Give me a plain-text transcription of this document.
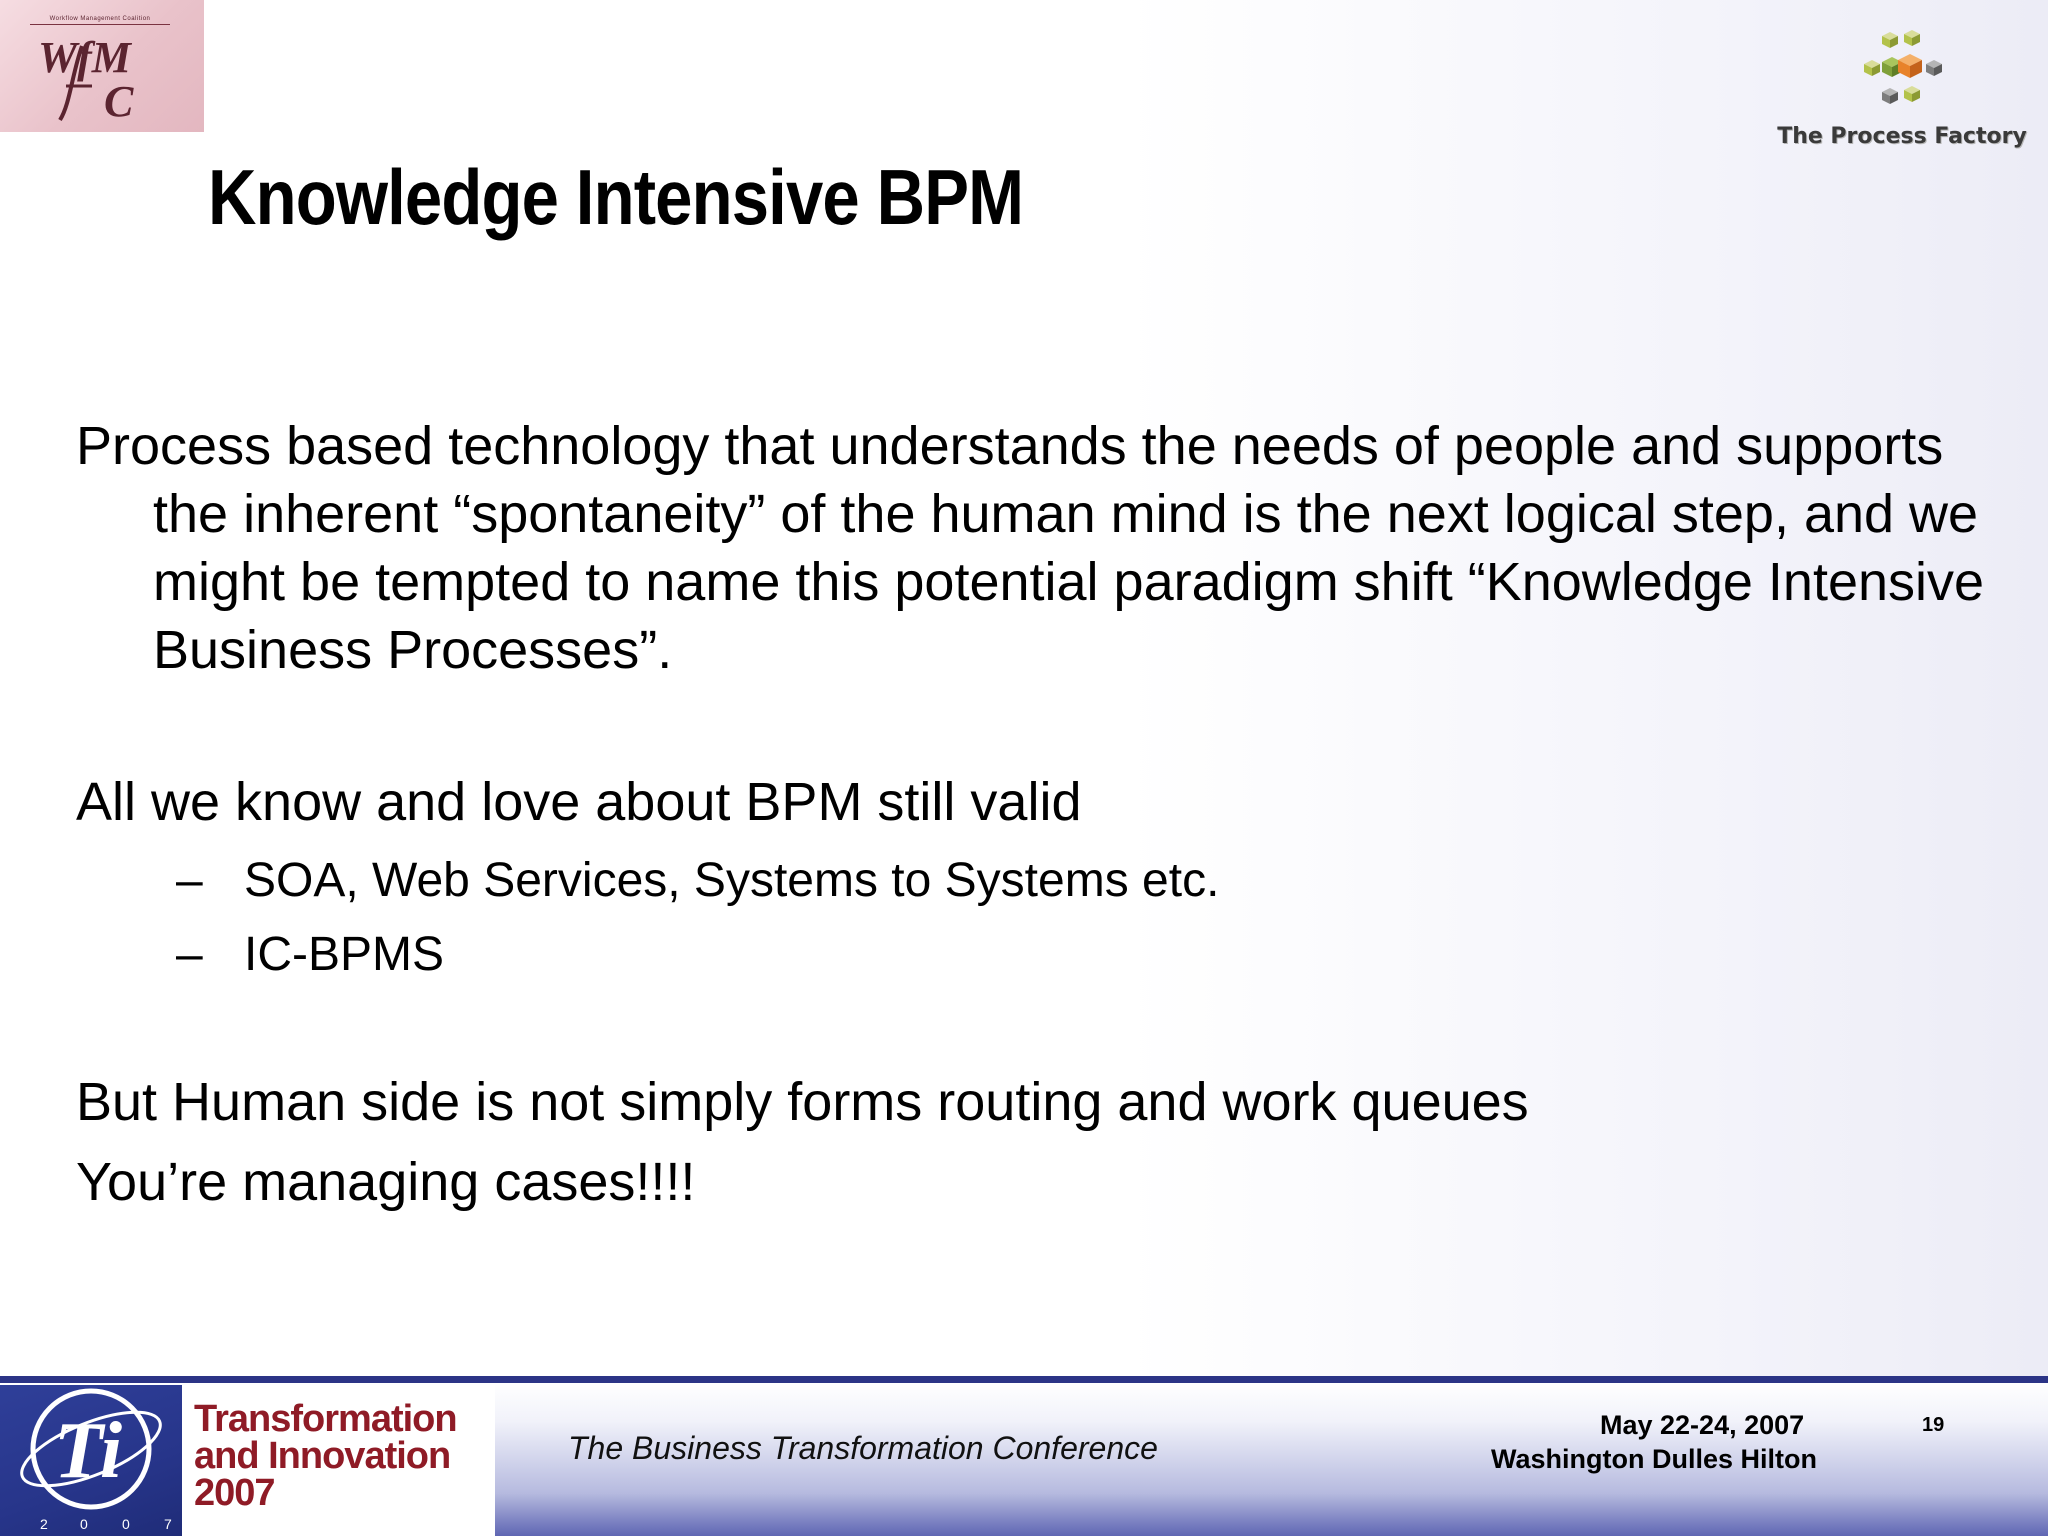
Workflow Management Coalition
WfM
C
The Process Factory
Knowledge Intensive BPM

Process based technology that understands the needs of people and supports the inherent “spontaneity” of the human mind is the next logical step, and we might be tempted to name this potential paradigm shift “Knowledge Intensive Business Processes”.

All we know and love about BPM still valid

– SOA, Web Services, Systems to Systems etc.
– IC-BPMS

But Human side is not simply forms routing and work queues

You’re managing cases!!!!

Ti
2 0 0 7
Transformation
and Innovation
2007
The Business Transformation Conference
May 22-24, 2007
Washington Dulles Hilton
19
